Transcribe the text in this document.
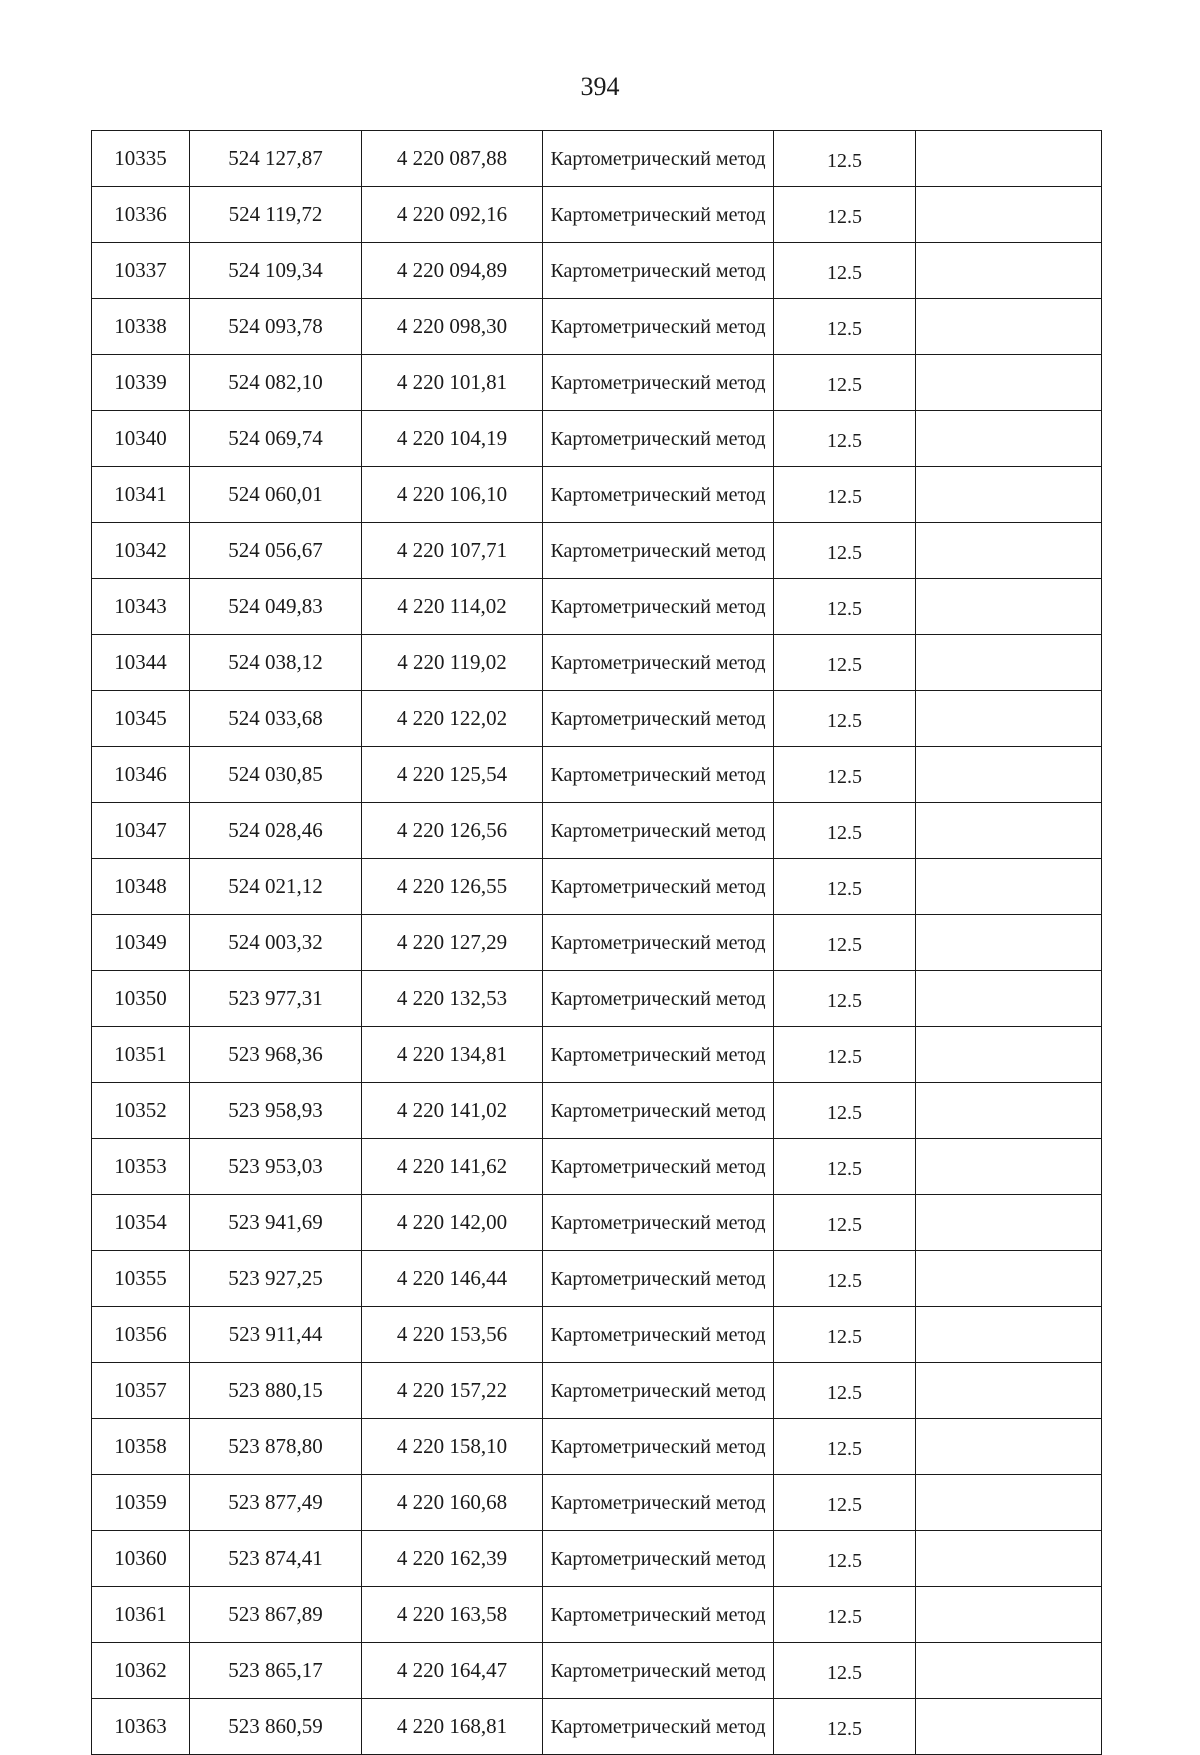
394
10335	524 127,87	4 220 087,88	Картометрический метод	12.5	
10336	524 119,72	4 220 092,16	Картометрический метод	12.5	
10337	524 109,34	4 220 094,89	Картометрический метод	12.5	
10338	524 093,78	4 220 098,30	Картометрический метод	12.5	
10339	524 082,10	4 220 101,81	Картометрический метод	12.5	
10340	524 069,74	4 220 104,19	Картометрический метод	12.5	
10341	524 060,01	4 220 106,10	Картометрический метод	12.5	
10342	524 056,67	4 220 107,71	Картометрический метод	12.5	
10343	524 049,83	4 220 114,02	Картометрический метод	12.5	
10344	524 038,12	4 220 119,02	Картометрический метод	12.5	
10345	524 033,68	4 220 122,02	Картометрический метод	12.5	
10346	524 030,85	4 220 125,54	Картометрический метод	12.5	
10347	524 028,46	4 220 126,56	Картометрический метод	12.5	
10348	524 021,12	4 220 126,55	Картометрический метод	12.5	
10349	524 003,32	4 220 127,29	Картометрический метод	12.5	
10350	523 977,31	4 220 132,53	Картометрический метод	12.5	
10351	523 968,36	4 220 134,81	Картометрический метод	12.5	
10352	523 958,93	4 220 141,02	Картометрический метод	12.5	
10353	523 953,03	4 220 141,62	Картометрический метод	12.5	
10354	523 941,69	4 220 142,00	Картометрический метод	12.5	
10355	523 927,25	4 220 146,44	Картометрический метод	12.5	
10356	523 911,44	4 220 153,56	Картометрический метод	12.5	
10357	523 880,15	4 220 157,22	Картометрический метод	12.5	
10358	523 878,80	4 220 158,10	Картометрический метод	12.5	
10359	523 877,49	4 220 160,68	Картометрический метод	12.5	
10360	523 874,41	4 220 162,39	Картометрический метод	12.5	
10361	523 867,89	4 220 163,58	Картометрический метод	12.5	
10362	523 865,17	4 220 164,47	Картометрический метод	12.5	
10363	523 860,59	4 220 168,81	Картометрический метод	12.5	
